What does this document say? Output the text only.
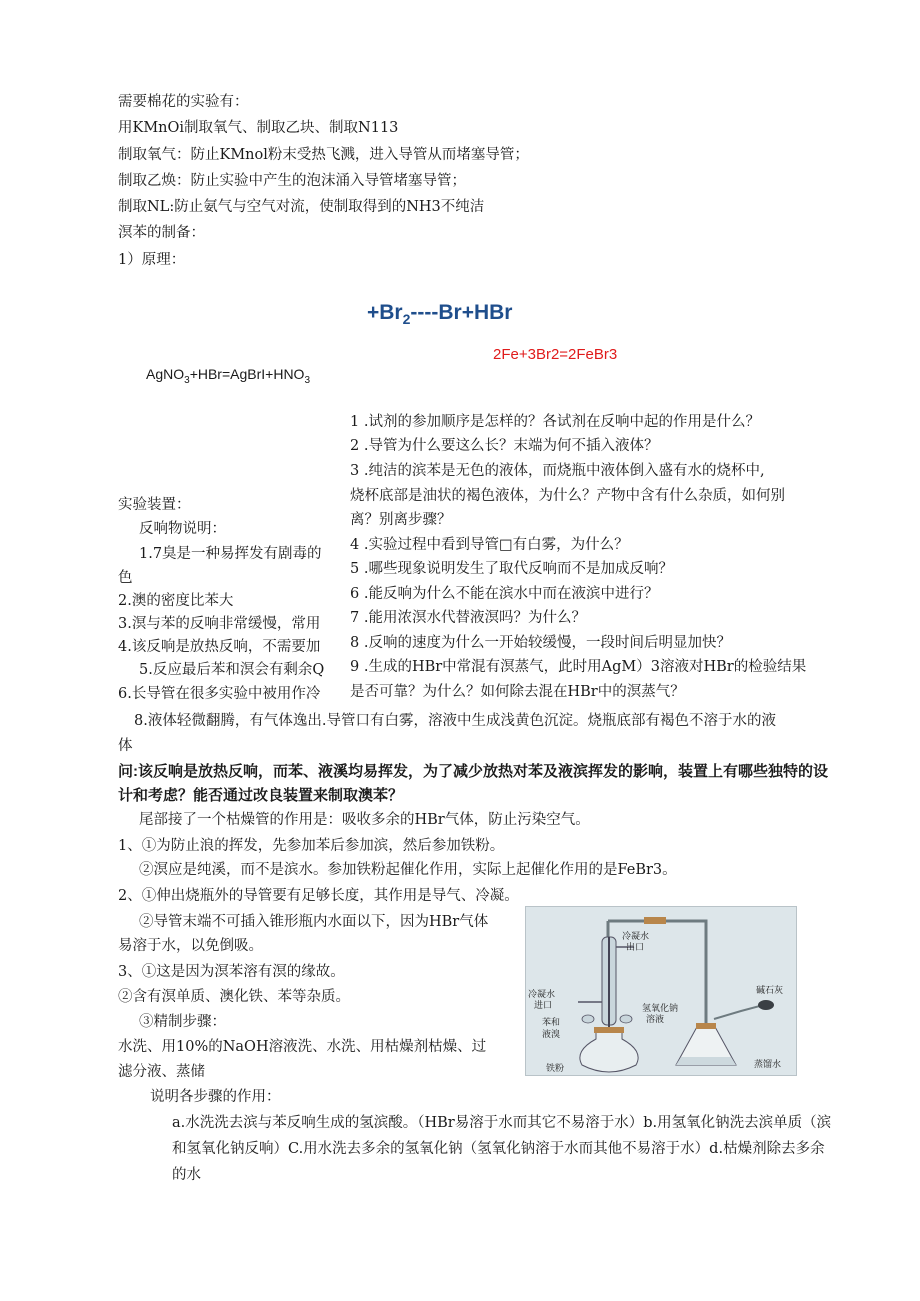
需要棉花的实验有：
用KMnOi制取氧气、制取乙块、制取N113
制取氧气：防止KMnol粉末受热飞溅，进入导管从而堵塞导管；
制取乙焕：防止实验中产生的泡沫涌入导管堵塞导管；
制取NL:防止氨气与空气对流，使制取得到的NH3不纯洁
溟苯的制备：
1）原理：
$+Br_2----Br+HBr$
2Fe+3Br2=2FeBr3
$AgNO_3+HBr=AgBrI+HNO_3$
1 .试剂的参加顺序是怎样的？各试剂在反响中起的作用是什么？
2 .导管为什么要这么长？末端为何不插入液体？
3 .纯洁的滨苯是无色的液体，而烧瓶中液体倒入盛有水的烧杯中,
烧杯底部是油状的褐色液体，为什么？产物中含有什么杂质，如何别
离？别离步骤？
4 .实验过程中看到导管□有白雾，为什么？
5 .哪些现象说明发生了取代反响而不是加成反响？
6 .能反响为什么不能在滨水中而在液滨中进行？
7 .能用浓溟水代替液溟吗？为什么？
8 .反响的速度为什么一开始较缓慢，一段时间后明显加快？
9 .生成的HBr中常混有溟蒸气，此时用AgM）3溶液对HBr的检验结果
是否可靠？为什么？如何除去混在HBr中的溟蒸气？
实验装置：
反响物说明：
1.7臭是一种易挥发有剧毒的
色
2.澳的密度比苯大
3.溟与苯的反响非常缓慢，常用
4.该反响是放热反响，不需要加
5.反应最后苯和溟会有剩余Q
6.长导管在很多实验中被用作冷
8.液体轻微翻腾，有气体逸出.导管口有白雾，溶液中生成浅黄色沉淀。烧瓶底部有褐色不溶于水的液
体
问:该反响是放热反响，而苯、液溪均易挥发，为了减少放热对苯及液滨挥发的影响，装置上有哪些独特的设
计和考虑？能否通过改良装置来制取澳苯？
尾部接了一个枯燥管的作用是：吸收多余的HBr气体，防止污染空气。
1、①为防止浪的挥发，先参加苯后参加滨，然后参加铁粉。
②溟应是纯溪，而不是滨水。参加铁粉起催化作用，实际上起催化作用的是FeBr3。
2、①伸出烧瓶外的导管要有足够长度，其作用是导气、冷凝。
②导管末端不可插入锥形瓶内水面以下，因为HBr气体
易溶于水，以免倒吸。
3、①这是因为溟苯溶有溟的缘故。
②含有溟单质、澳化铁、苯等杂质。
③精制步骤：
水洗、用10%的NaOH溶液洗、水洗、用枯燥剂枯燥、过
滤分液、蒸储
说明各步骤的作用：
a.水洗洗去滨与苯反响生成的氢滨酸。（HBr易溶于水而其它不易溶于水）b.用氢氧化钠洗去滨单质（滨和氢氧化钠反响）C.用水洗去多余的氢氧化钠（氢氧化钠溶于水而其他不易溶于水）d.枯燥剂除去多余的水
冷凝水
出口
冷凝水
进口
苯和
液溴
氢氧化钠
溶液
碱石灰
蒸馏水
铁粉
